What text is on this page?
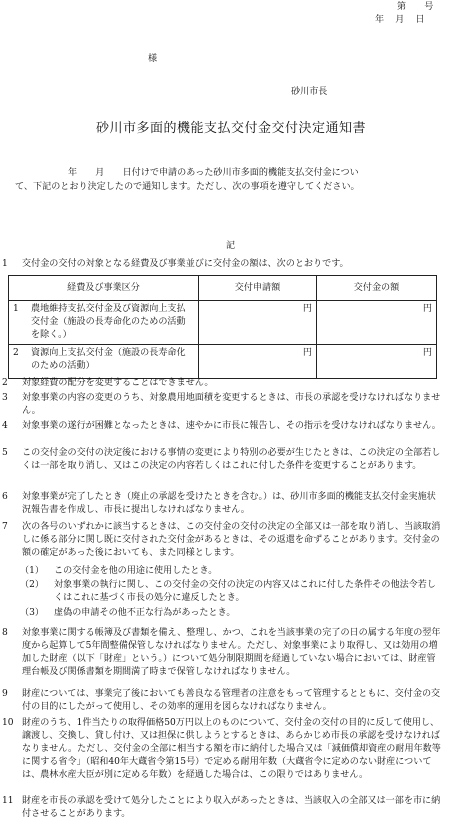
第　　号
年　月　日
様
砂川市長
砂川市多面的機能支払交付金交付決定通知書
年　　月　　日付けで申請のあった砂川市多面的機能支払交付金につい
て、下記のとおり決定したので通知します。ただし、次の事項を遵守してください。
記
1 交付金の交付の対象となる経費及び事業並びに交付金の額は、次のとおりです。
経費及び事業区分	交付申請額	交付金の額

1 農地維持支払交付金及び資源向上支払交付金（施設の長寿命化のための活動を除く。）	円	円

2 資源向上支払交付金（施設の長寿命化のための活動）	円	円
2 対象経費の配分を変更することはできません。
3 対象事業の内容の変更のうち、対象農用地面積を変更するときは、市長の承認を受けなければなりません。
4 対象事業の遂行が困難となったときは、速やかに市長に報告し、その指示を受けなければなりません。
5 この交付金の交付の決定後における事情の変更により特別の必要が生じたときは、この決定の全部若しくは一部を取り消し、又はこの決定の内容若しくはこれに付した条件を変更することがあります。
6 対象事業が完了したとき（廃止の承認を受けたときを含む。）は、砂川市多面的機能支払交付金実施状況報告書を作成し、市長に提出しなければなりません。
7 次の各号のいずれかに該当するときは、この交付金の交付の決定の全部又は一部を取り消し、当該取消しに係る部分に関し既に交付された交付金があるときは、その返還を命ずることがあります。交付金の額の確定があった後においても、また同様とします。
（1） この交付金を他の用途に使用したとき。
（2） 対象事業の執行に関し、この交付金の交付の決定の内容又はこれに付した条件その他法令若しくはこれに基づく市長の処分に違反したとき。
（3） 虚偽の申請その他不正な行為があったとき。
8 対象事業に関する帳簿及び書類を備え、整理し、かつ、これを当該事業の完了の日の属する年度の翌年度から起算して5年間整備保管しなければなりません。ただし、対象事業により取得し、又は効用の増加した財産（以下「財産」という。）について処分制限期間を経過していない場合においては、財産管理台帳及び関係書類を期間満了時まで保管しなければなりません。
9 財産については、事業完了後においても善良なる管理者の注意をもって管理するとともに、交付金の交付の目的にしたがって使用し、その効率的運用を図らなければなりません。
10 財産のうち、1件当たりの取得価格50万円以上のものについて、交付金の交付の目的に反して使用し、譲渡し、交換し、貸し付け、又は担保に供しようとするときは、あらかじめ市長の承認を受けなければなりません。ただし、交付金の全部に相当する額を市に納付した場合又は「減価償却資産の耐用年数等に関する省令」（昭和40年大蔵省令第15号）で定める耐用年数（大蔵省令に定めのない財産については、農林水産大臣が別に定める年数）を経過した場合は、この限りではありません。
11 財産を市長の承認を受けて処分したことにより収入があったときは、当該収入の全部又は一部を市に納付させることがあります。
